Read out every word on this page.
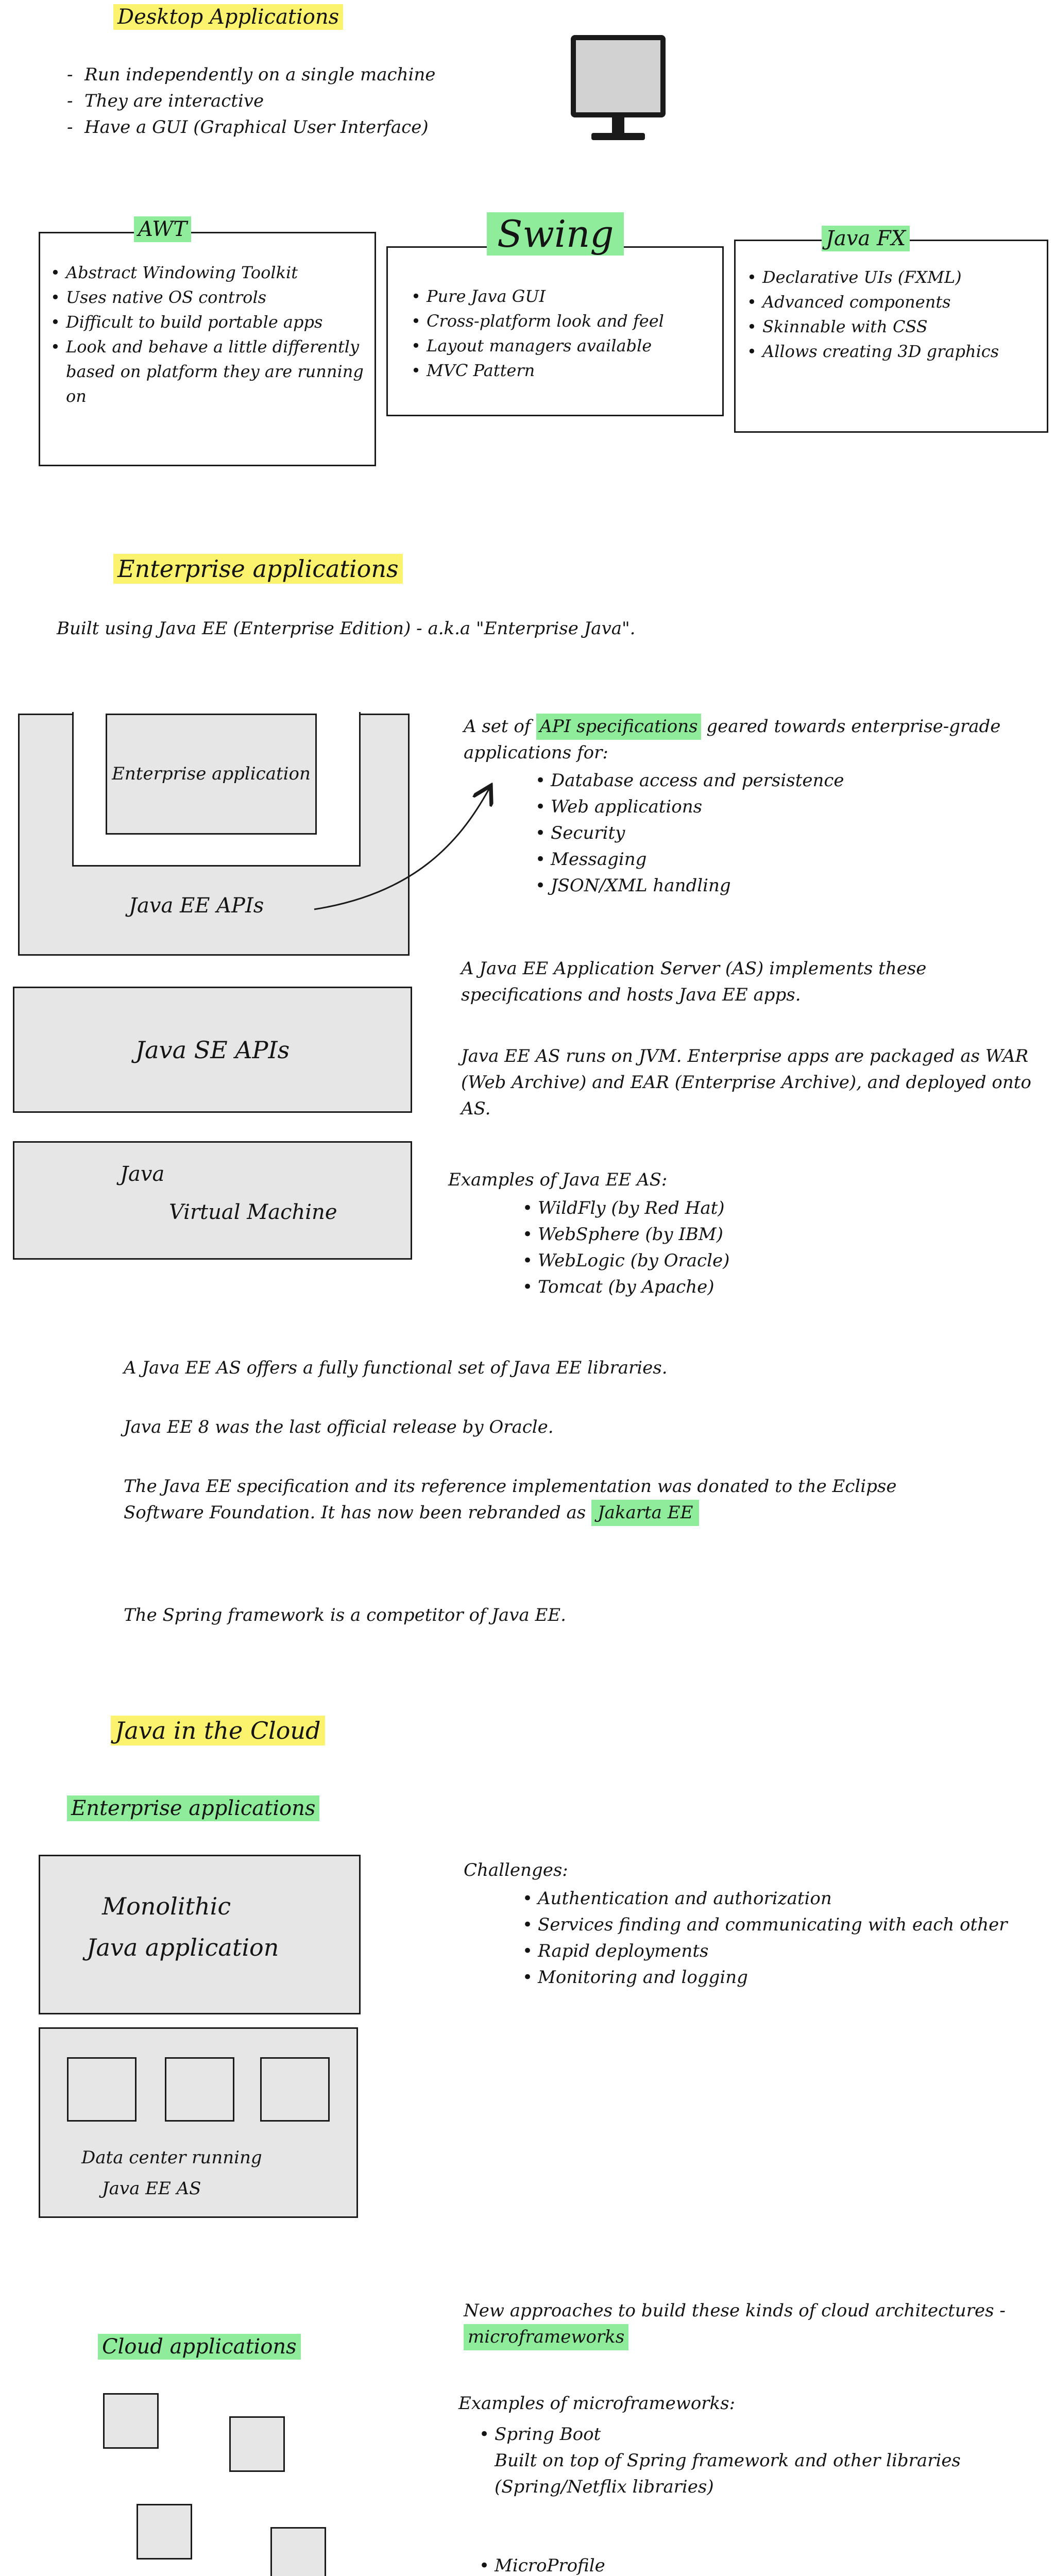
Desktop Applications
- Run independently on a single machine
- They are interactive
- Have a GUI (Graphical User Interface)
• Abstract Windowing Toolkit
• Uses native OS controls
• Difficult to build portable apps
• Look and behave a little differently based on platform they are running on
AWT
• Pure Java GUI
• Cross-platform look and feel
• Layout managers available
• MVC Pattern
Swing
• Declarative UIs (FXML)
• Advanced components
• Skinnable with CSS
• Allows creating 3D graphics
Java FX
Enterprise applications
Built using Java EE (Enterprise Edition) - a.k.a "Enterprise Java".
Enterprise application
Java EE APIs
Java SE APIs
Java
Virtual Machine
A set of API specifications geared towards enterprise-grade applications for:
• Database access and persistence
• Web applications
• Security
• Messaging
• JSON/XML handling
A Java EE Application Server (AS) implements these specifications and hosts Java EE apps.
Java EE AS runs on JVM. Enterprise apps are packaged as WAR (Web Archive) and EAR (Enterprise Archive), and deployed onto AS.
Examples of Java EE AS:
• WildFly (by Red Hat)
• WebSphere (by IBM)
• WebLogic (by Oracle)
• Tomcat (by Apache)
A Java EE AS offers a fully functional set of Java EE libraries.
Java EE 8 was the last official release by Oracle.
The Java EE specification and its reference implementation was donated to the Eclipse Software Foundation. It has now been rebranded as Jakarta EE
The Spring framework is a competitor of Java EE.
Java in the Cloud
Enterprise applications
Monolithic
Java application
Data center running
Java EE AS
Challenges:
• Authentication and authorization
• Services finding and communicating with each other
• Rapid deployments
• Monitoring and logging
Cloud applications
New approaches to build these kinds of cloud architectures - microframeworks
Examples of microframeworks:
• Spring Boot
Built on top of Spring framework and other libraries (Spring/Netflix libraries)
• MicroProfile
